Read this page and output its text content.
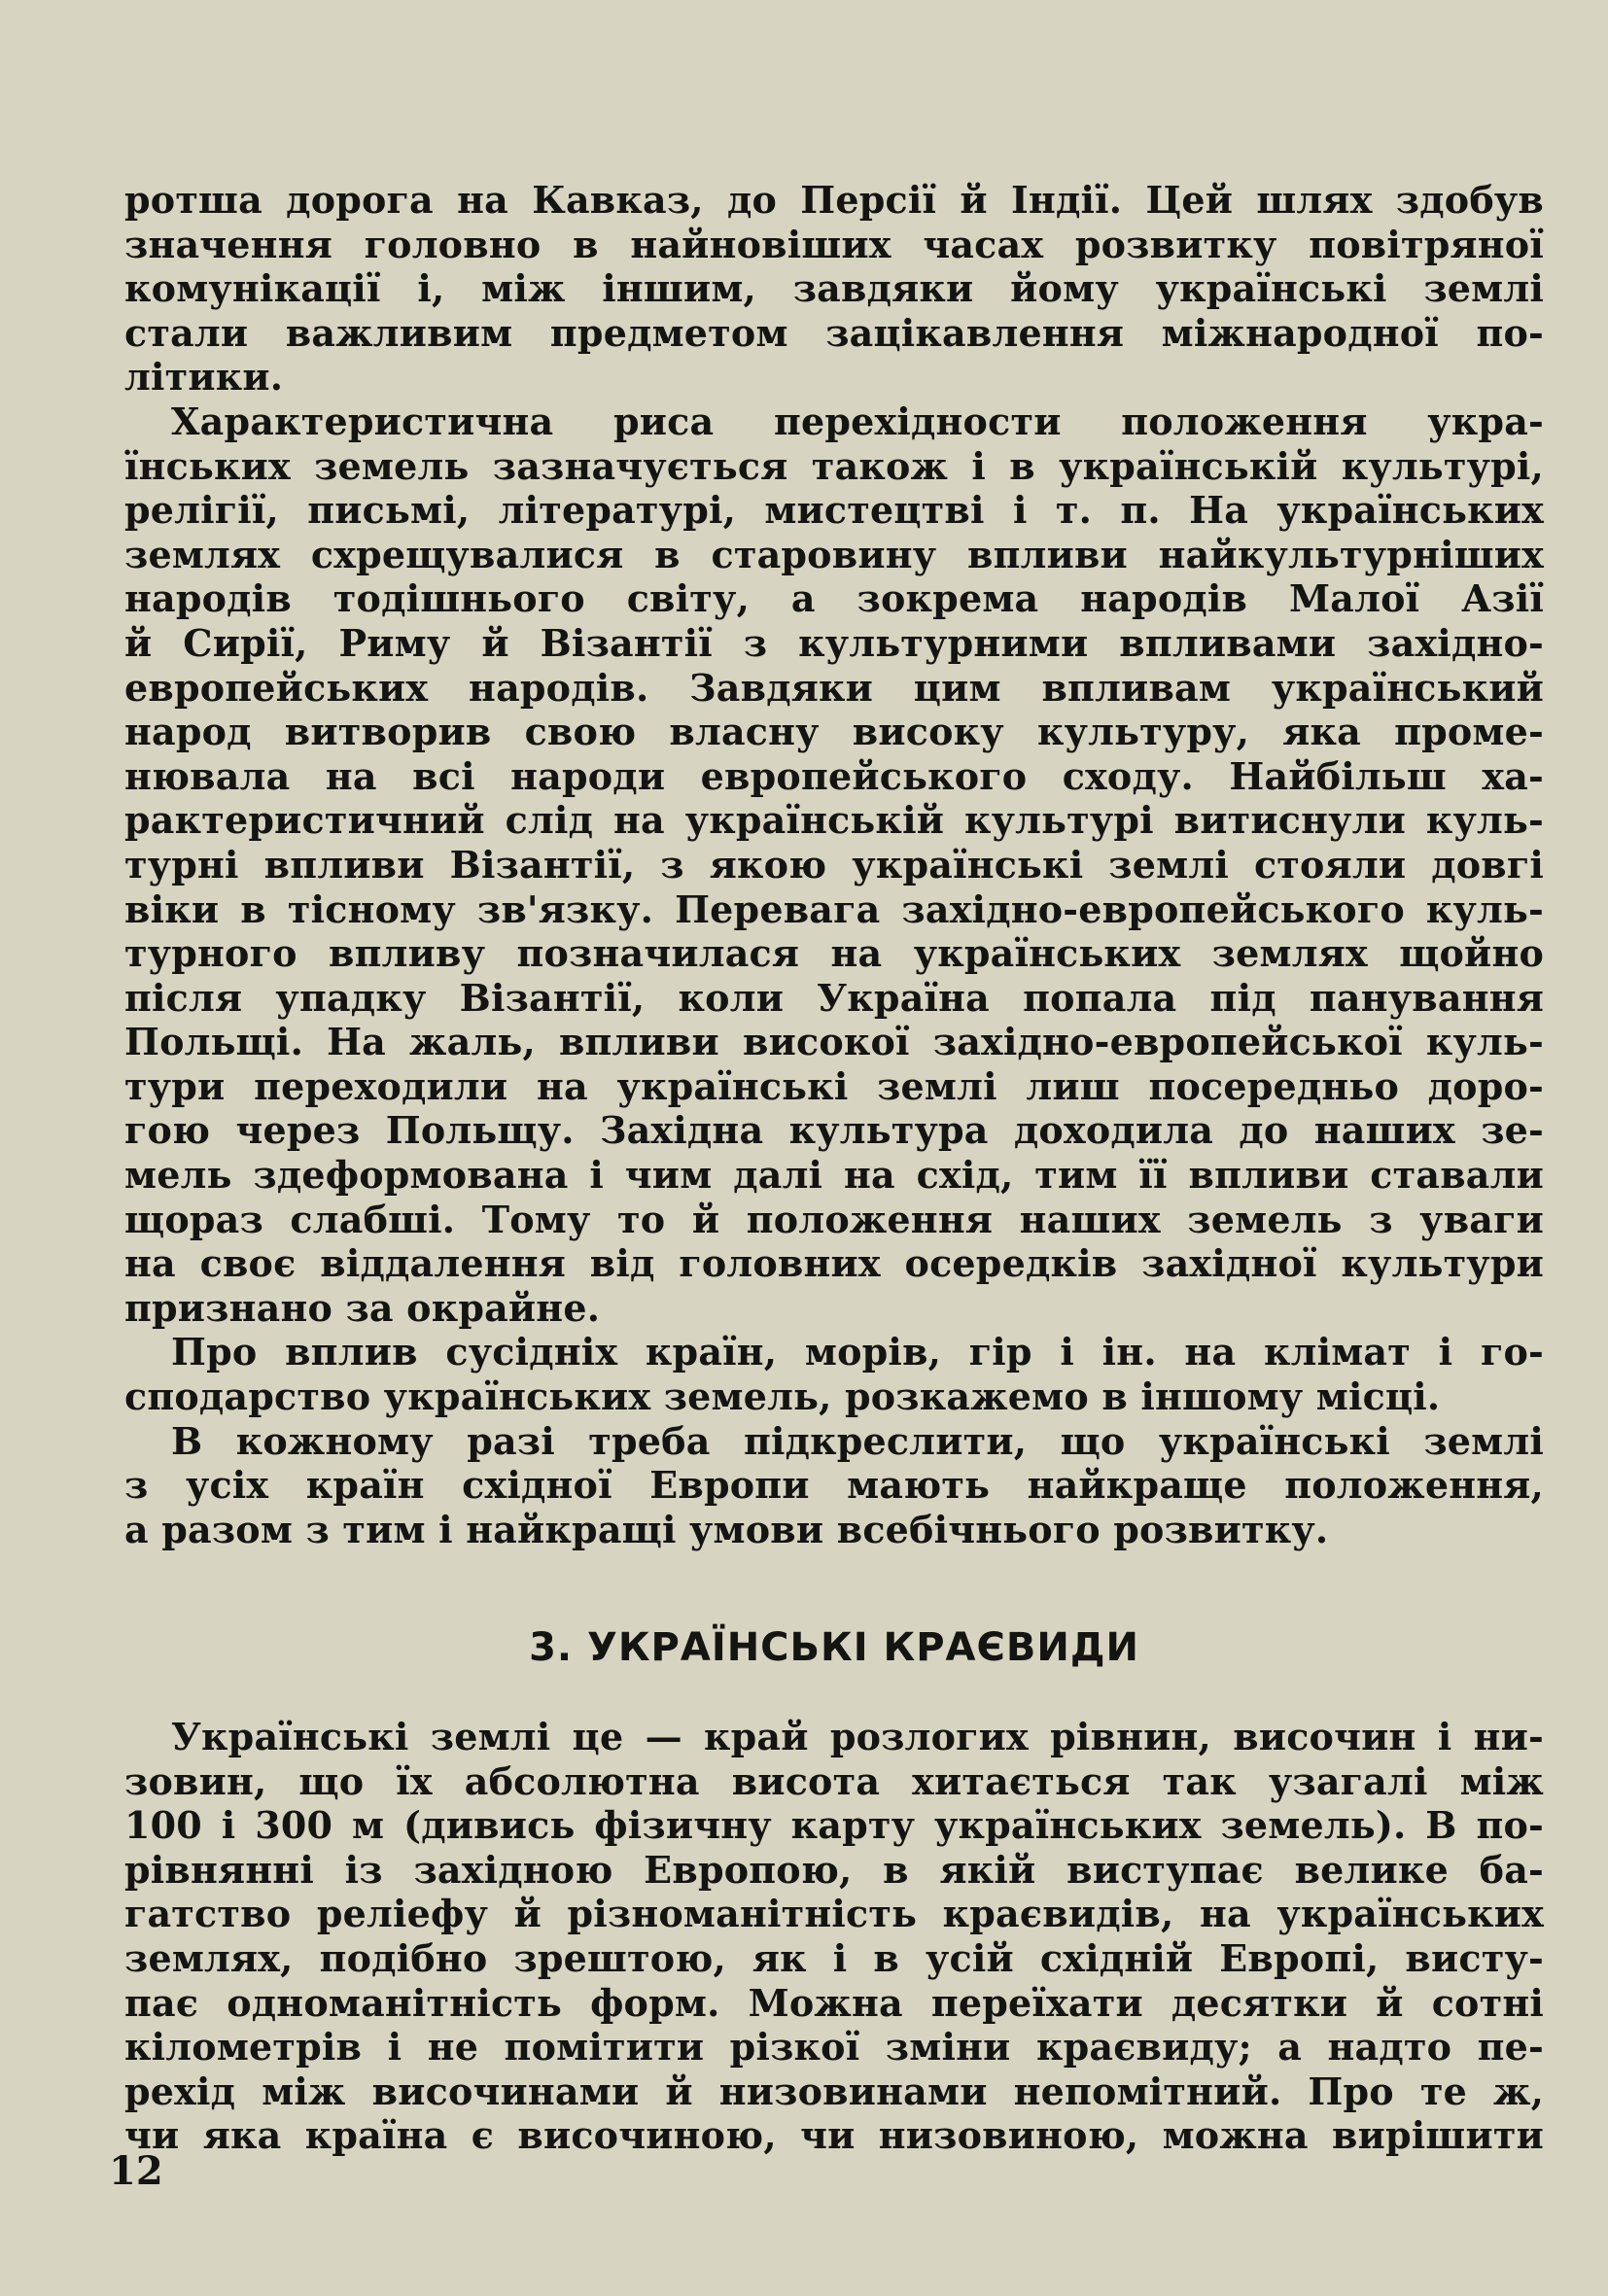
ротша дорога на Кавказ, до Персії й Індії. Цей шлях здобув
значення головно в найновіших часах розвитку повітряної
комунікації і, між іншим, завдяки йому українські землі
стали важливим предметом зацікавлення міжнародної по-
літики.
Характеристична риса перехідности положення укра-
їнських земель зазначується також і в українській культурі,
релігії, письмі, літературі, мистецтві і т. п. На українських
землях схрещувалися в старовину впливи найкультурніших
народів тодішнього світу, а зокрема народів Малої Азії
й Сирії, Риму й Візантії з культурними впливами західно-
европейських народів. Завдяки цим впливам український
народ витворив свою власну високу культуру, яка проме-
нювала на всі народи европейського сходу. Найбільш ха-
рактеристичний слід на українській культурі витиснули куль-
турні впливи Візантії, з якою українські землі стояли довгі
віки в тісному зв'язку. Перевага західно-европейського куль-
турного впливу позначилася на українських землях щойно
після упадку Візантії, коли Україна попала під панування
Польщі. На жаль, впливи високої західно-европейської куль-
тури переходили на українські землі лиш посередньо доро-
гою через Польщу. Західна культура доходила до наших зе-
мель здеформована і чим далі на схід, тим її впливи ставали
щораз слабші. Тому то й положення наших земель з уваги
на своє віддалення від головних осередків західної культури
признано за окрайне.
Про вплив сусідніх країн, морів, гір і ін. на клімат і го-
сподарство українських земель, розкажемо в іншому місці.
В кожному разі треба підкреслити, що українські землі
з усіх країн східної Европи мають найкраще положення,
а разом з тим і найкращі умови всебічнього розвитку.
3. УКРАЇНСЬКІ КРАЄВИДИ
Українські землі це — край розлогих рівнин, височин і ни-
зовин, що їх абсолютна висота хитається так узагалі між
100 і 300 м (дивись фізичну карту українських земель). В по-
рівнянні із західною Европою, в якій виступає велике ба-
гатство реліефу й різноманітність краєвидів, на українських
землях, подібно зрештою, як і в усій східній Европі, висту-
пає одноманітність форм. Можна переїхати десятки й сотні
кілометрів і не помітити різкої зміни краєвиду; а надто пе-
рехід між височинами й низовинами непомітний. Про те ж,
чи яка країна є височиною, чи низовиною, можна вирішити
12
